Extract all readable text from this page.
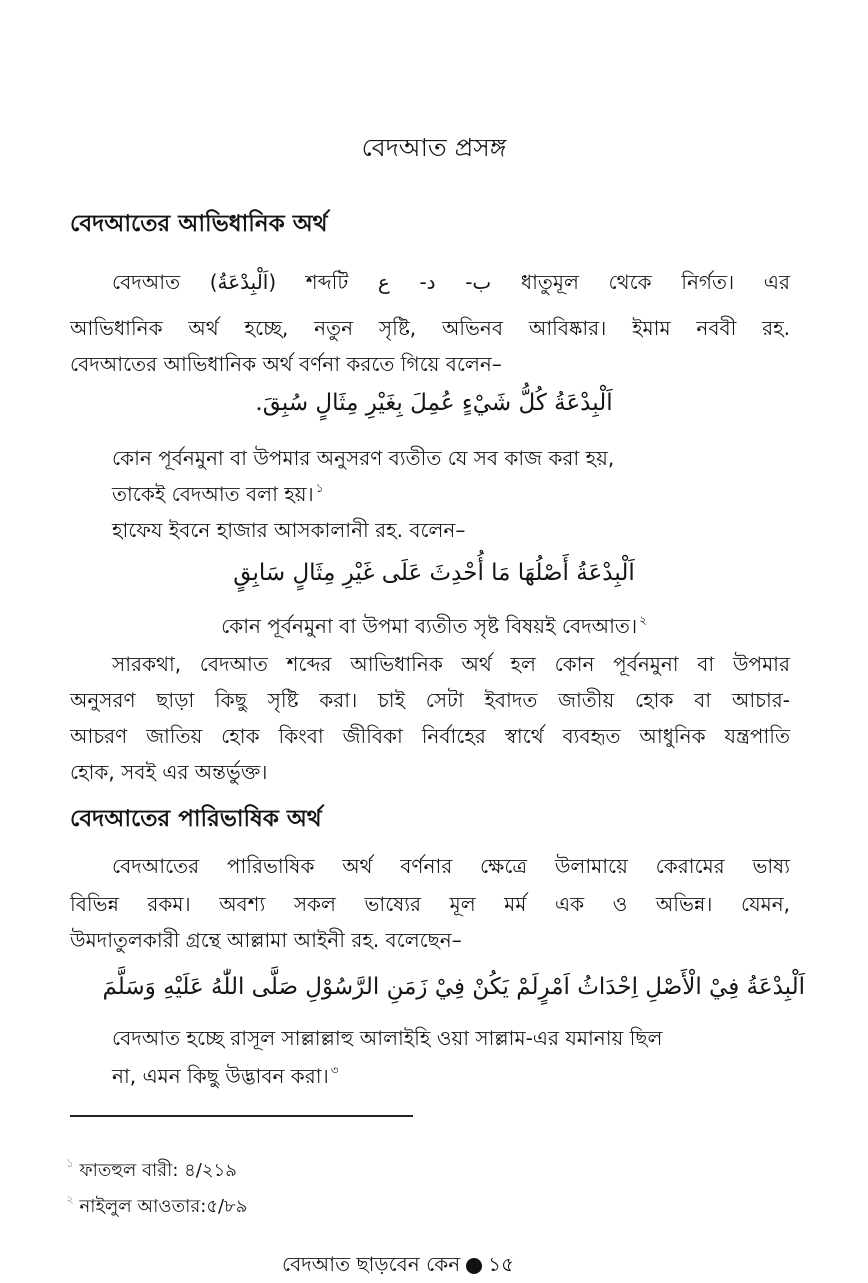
বেদআত প্রসঙ্গ
বেদআতের আভিধানিক অর্থ
বেদআত (اَلْبِدْعَةُ) শব্দটি ب- د- ع ধাতুমূল থেকে নির্গত। এর
আভিধানিক অর্থ হচ্ছে, নতুন সৃষ্টি, অভিনব আবিষ্কার। ইমাম নববী রহ.
বেদআতের আভিধানিক অর্থ বর্ণনা করতে গিয়ে বলেন–
اَلْبِدْعَةُ كُلُّ شَيْءٍ عُمِلَ بِغَيْرِ مِثَالٍ سُبِقَ.
কোন পূর্বনমুনা বা উপমার অনুসরণ ব্যতীত যে সব কাজ করা হয়,
তাকেই বেদআত বলা হয়। $^১$
হাফেয ইবনে হাজার আসকালানী রহ. বলেন–
اَلْبِدْعَةُ أَصْلُهَا مَا أُحْدِثَ عَلَى غَيْرِ مِثَالٍ سَابِقٍ
কোন পূর্বনমুনা বা উপমা ব্যতীত সৃষ্ট বিষয়ই বেদআত। $^২$
সারকথা, বেদআত শব্দের আভিধানিক অর্থ হল কোন পূর্বনমুনা বা উপমার
অনুসরণ ছাড়া কিছু সৃষ্টি করা। চাই সেটা ইবাদত জাতীয় হোক বা আচার-
আচরণ জাতিয় হোক কিংবা জীবিকা নির্বাহের স্বার্থে ব্যবহৃত আধুনিক যন্ত্রপাতি
হোক, সবই এর অন্তর্ভুক্ত।
বেদআতের পারিভাষিক অর্থ
বেদআতের পারিভাষিক অর্থ বর্ণনার ক্ষেত্রে উলামায়ে কেরামের ভাষ্য
বিভিন্ন রকম। অবশ্য সকল ভাষ্যের মূল মর্ম এক ও অভিন্ন। যেমন,
উমদাতুলকারী গ্রন্থে আল্লামা আইনী রহ. বলেছেন–
اَلْبِدْعَةُ فِيْ الْأَصْلِ اِحْدَاثُ اَمْرٍلَمْ يَكُنْ فِيْ زَمَنِ الرَّسُوْلِ صَلَّى اللّٰهُ عَلَيْهِ وَسَلَّمَ
বেদআত হচ্ছে রাসূল সাল্লাল্লাহু আলাইহি ওয়া সাল্লাম-এর যমানায় ছিল
না, এমন কিছু উদ্ভাবন করা। $^৩$
$^১$ ফাতহুল বারী: ৪/২১৯
$^২$ নাইলুল আওতার:৫/৮৯
বেদআত ছাড়বেন কেন ১৫
